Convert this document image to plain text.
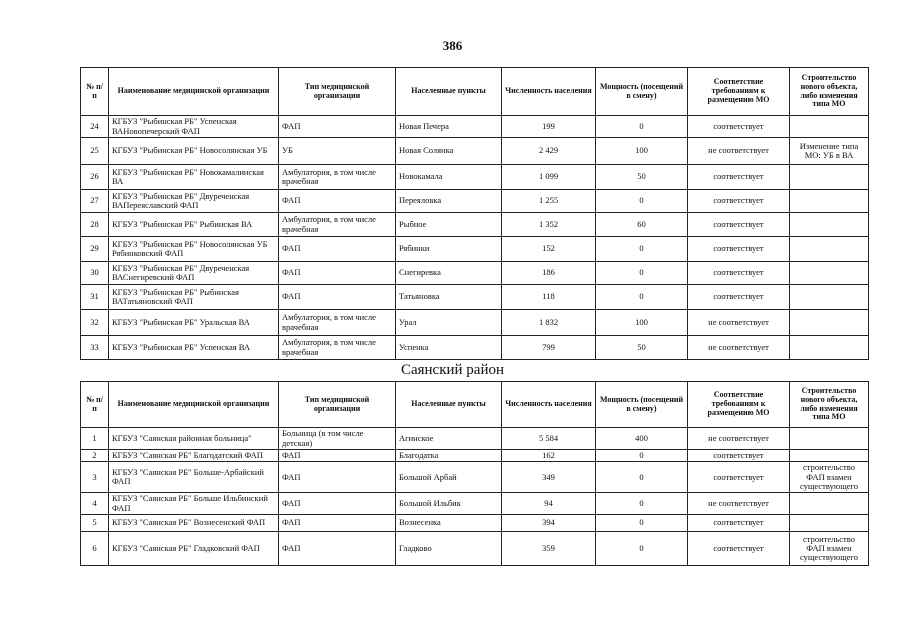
386
№ п/п	Наименование медицинской организации	Тип медицинской организации	Населенные пункты	Численность населения	Мощность (посещений в смену)	Соответствие требованиям к размещению МО	Строительство нового объекта, либо изменения типа МО
24	КГБУЗ "Рыбинская РБ" Успенская ВАНовопечерский ФАП	ФАП	Новая Печера	199	0	соответствует	
25	КГБУЗ "Рыбинская РБ" Новосолянская УБ	УБ	Новая Солянка	2 429	100	не соответствует	Изменение типа МО: УБ в ВА
26	КГБУЗ "Рыбинская РБ" Новокамалинская ВА	Амбулатория, в том числе врачебная	Новокамала	1 099	50	соответствует	
27	КГБУЗ "Рыбинская РБ" Двуреченская ВАПереяславский ФАП	ФАП	Переяловка	1 255	0	соответствует	
28	КГБУЗ "Рыбинская РБ" Рыбинская ВА	Амбулатория, в том числе врачебная	Рыбное	1 352	60	соответствует	
29	КГБУЗ "Рыбинская РБ" Новосолянская УБ Рябинковский ФАП	ФАП	Рябинки	152	0	соответствует	
30	КГБУЗ "Рыбинская РБ" Двуреченская ВАСнегиревский ФАП	ФАП	Снегиревка	186	0	соответствует	
31	КГБУЗ "Рыбинская РБ" Рыбинская ВАТатьяновский ФАП	ФАП	Татьяновка	118	0	соответствует	
32	КГБУЗ "Рыбинская РБ" Уральская ВА	Амбулатория, в том числе врачебная	Урал	1 832	100	не соответствует	
33	КГБУЗ "Рыбинская РБ" Успенская ВА	Амбулатория, в том числе врачебная	Успенка	799	50	не соответствует	
Саянский район
№ п/п	Наименование медицинской организации	Тип медицинской организации	Населенные пункты	Численность населения	Мощность (посещений в смену)	Соответствие требованиям к размещению МО	Строительство нового объекта, либо изменения типа МО
1	КГБУЗ "Саянская районная больница"	Больница (в том числе детская)	Агинское	5 584	400	не соответствует	
2	КГБУЗ "Саянская РБ" Благодатский ФАП	ФАП	Благодатка	162	0	соответствует	
3	КГБУЗ "Саянская РБ" Больше-Арбайский ФАП	ФАП	Большой Арбай	349	0	соответствует	строительство ФАП взамен существующего
4	КГБУЗ "Саянская РБ" Больше Ильбинский ФАП	ФАП	Большой Ильбик	94	0	не соответствует	
5	КГБУЗ "Саянская РБ" Вознесенский ФАП	ФАП	Вознесенка	394	0	соответствует	
6	КГБУЗ "Саянская РБ" Гладковский ФАП	ФАП	Гладково	359	0	соответствует	строительство ФАП взамен существующего
